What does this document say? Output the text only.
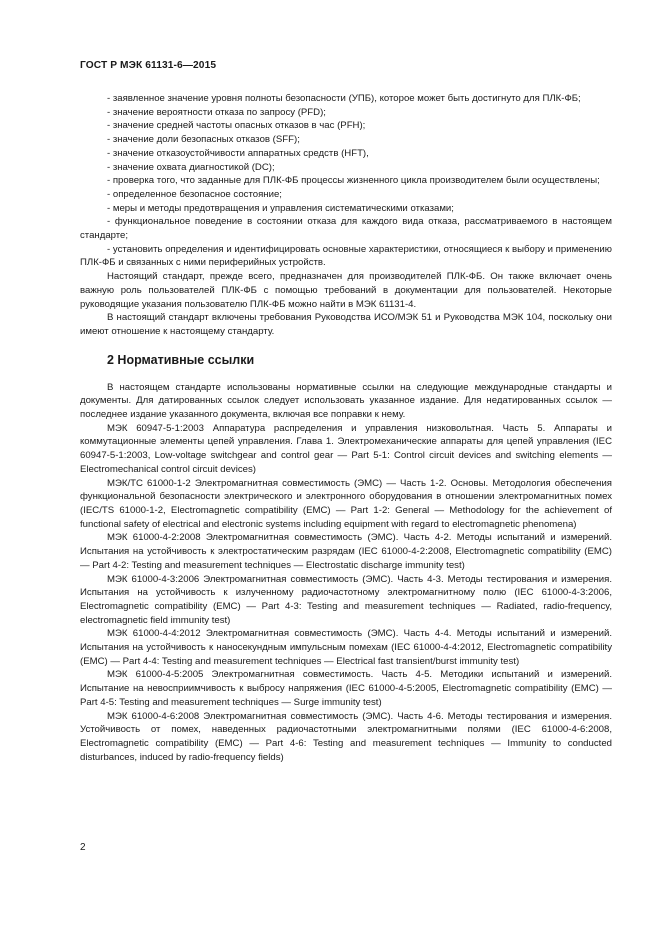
ГОСТ Р МЭК 61131-6—2015

- заявленное значение уровня полноты безопасности (УПБ), которое может быть достигнуто для ПЛК-ФБ;

- значение вероятности отказа по запросу (PFD);

- значение средней частоты опасных отказов в час (PFH);

- значение доли безопасных отказов (SFF);

- значение отказоустойчивости аппаратных средств (HFT),

- значение охвата диагностикой (DC);

- проверка того, что заданные для ПЛК-ФБ процессы жизненного цикла производителем были осуществлены;

- определенное безопасное состояние;

- меры и методы предотвращения и управления систематическими отказами;

- функциональное поведение в состоянии отказа для каждого вида отказа, рассматриваемого в настоящем стандарте;

- установить определения и идентифицировать основные характеристики, относящиеся к выбору и применению ПЛК-ФБ и связанных с ними периферийных устройств.

Настоящий стандарт, прежде всего, предназначен для производителей ПЛК-ФБ. Он также включает очень важную роль пользователей ПЛК-ФБ с помощью требований в документации для пользователей. Некоторые руководящие указания пользователю ПЛК-ФБ можно найти в МЭК 61131-4.

В настоящий стандарт включены требования Руководства ИСО/МЭК 51 и Руководства МЭК 104, поскольку они имеют отношение к настоящему стандарту.

2 Нормативные ссылки

В настоящем стандарте использованы нормативные ссылки на следующие международные стандарты и документы. Для датированных ссылок следует использовать указанное издание. Для недатированных ссылок — последнее издание указанного документа, включая все поправки к нему.

МЭК 60947-5-1:2003 Аппаратура распределения и управления низковольтная. Часть 5. Аппараты и коммутационные элементы цепей управления. Глава 1. Электромеханические аппараты для цепей управления (IEC 60947-5-1:2003, Low-voltage switchgear and control gear — Part 5-1: Control circuit devices and switching elements — Electromechanical control circuit devices)

МЭК/ТС 61000-1-2 Электромагнитная совместимость (ЭМС) — Часть 1-2. Основы. Методология обеспечения функциональной безопасности электрического и электронного оборудования в отношении электромагнитных помех (IEC/TS 61000-1-2, Electromagnetic compatibility (EMC) — Part 1-2: General — Methodology for the achievement of functional safety of electrical and electronic systems including equipment with regard to electromagnetic phenomena)

МЭК 61000-4-2:2008 Электромагнитная совместимость (ЭМС). Часть 4-2. Методы испытаний и измерений. Испытания на устойчивость к электростатическим разрядам (IEC 61000-4-2:2008, Electromagnetic compatibility (EMC) — Part 4-2: Testing and measurement techniques — Electrostatic discharge immunity test)

МЭК 61000-4-3:2006 Электромагнитная совместимость (ЭМС). Часть 4-3. Методы тестирования и измерения. Испытания на устойчивость к излученному радиочастотному электромагнитному полю (IEC 61000-4-3:2006, Electromagnetic compatibility (EMC) — Part 4-3: Testing and measurement techniques — Radiated, radio-frequency, electromagnetic field immunity test)

МЭК 61000-4-4:2012 Электромагнитная совместимость (ЭМС). Часть 4-4. Методы испытаний и измерений. Испытания на устойчивость к наносекундным импульсным помехам (IEC 61000-4-4:2012, Electromagnetic compatibility (EMC) — Part 4-4: Testing and measurement techniques — Electrical fast transient/burst immunity test)

МЭК 61000-4-5:2005 Электромагнитная совместимость. Часть 4-5. Методики испытаний и измерений. Испытание на невосприимчивость к выбросу напряжения (IEC 61000-4-5:2005, Electromagnetic compatibility (EMC) — Part 4-5: Testing and measurement techniques — Surge immunity test)

МЭК 61000-4-6:2008 Электромагнитная совместимость (ЭМС). Часть 4-6. Методы тестирования и измерения. Устойчивость от помех, наведенных радиочастотными электромагнитными полями (IEC 61000-4-6:2008, Electromagnetic compatibility (EMC) — Part 4-6: Testing and measurement techniques — Immunity to conducted disturbances, induced by radio-frequency fields)

2
